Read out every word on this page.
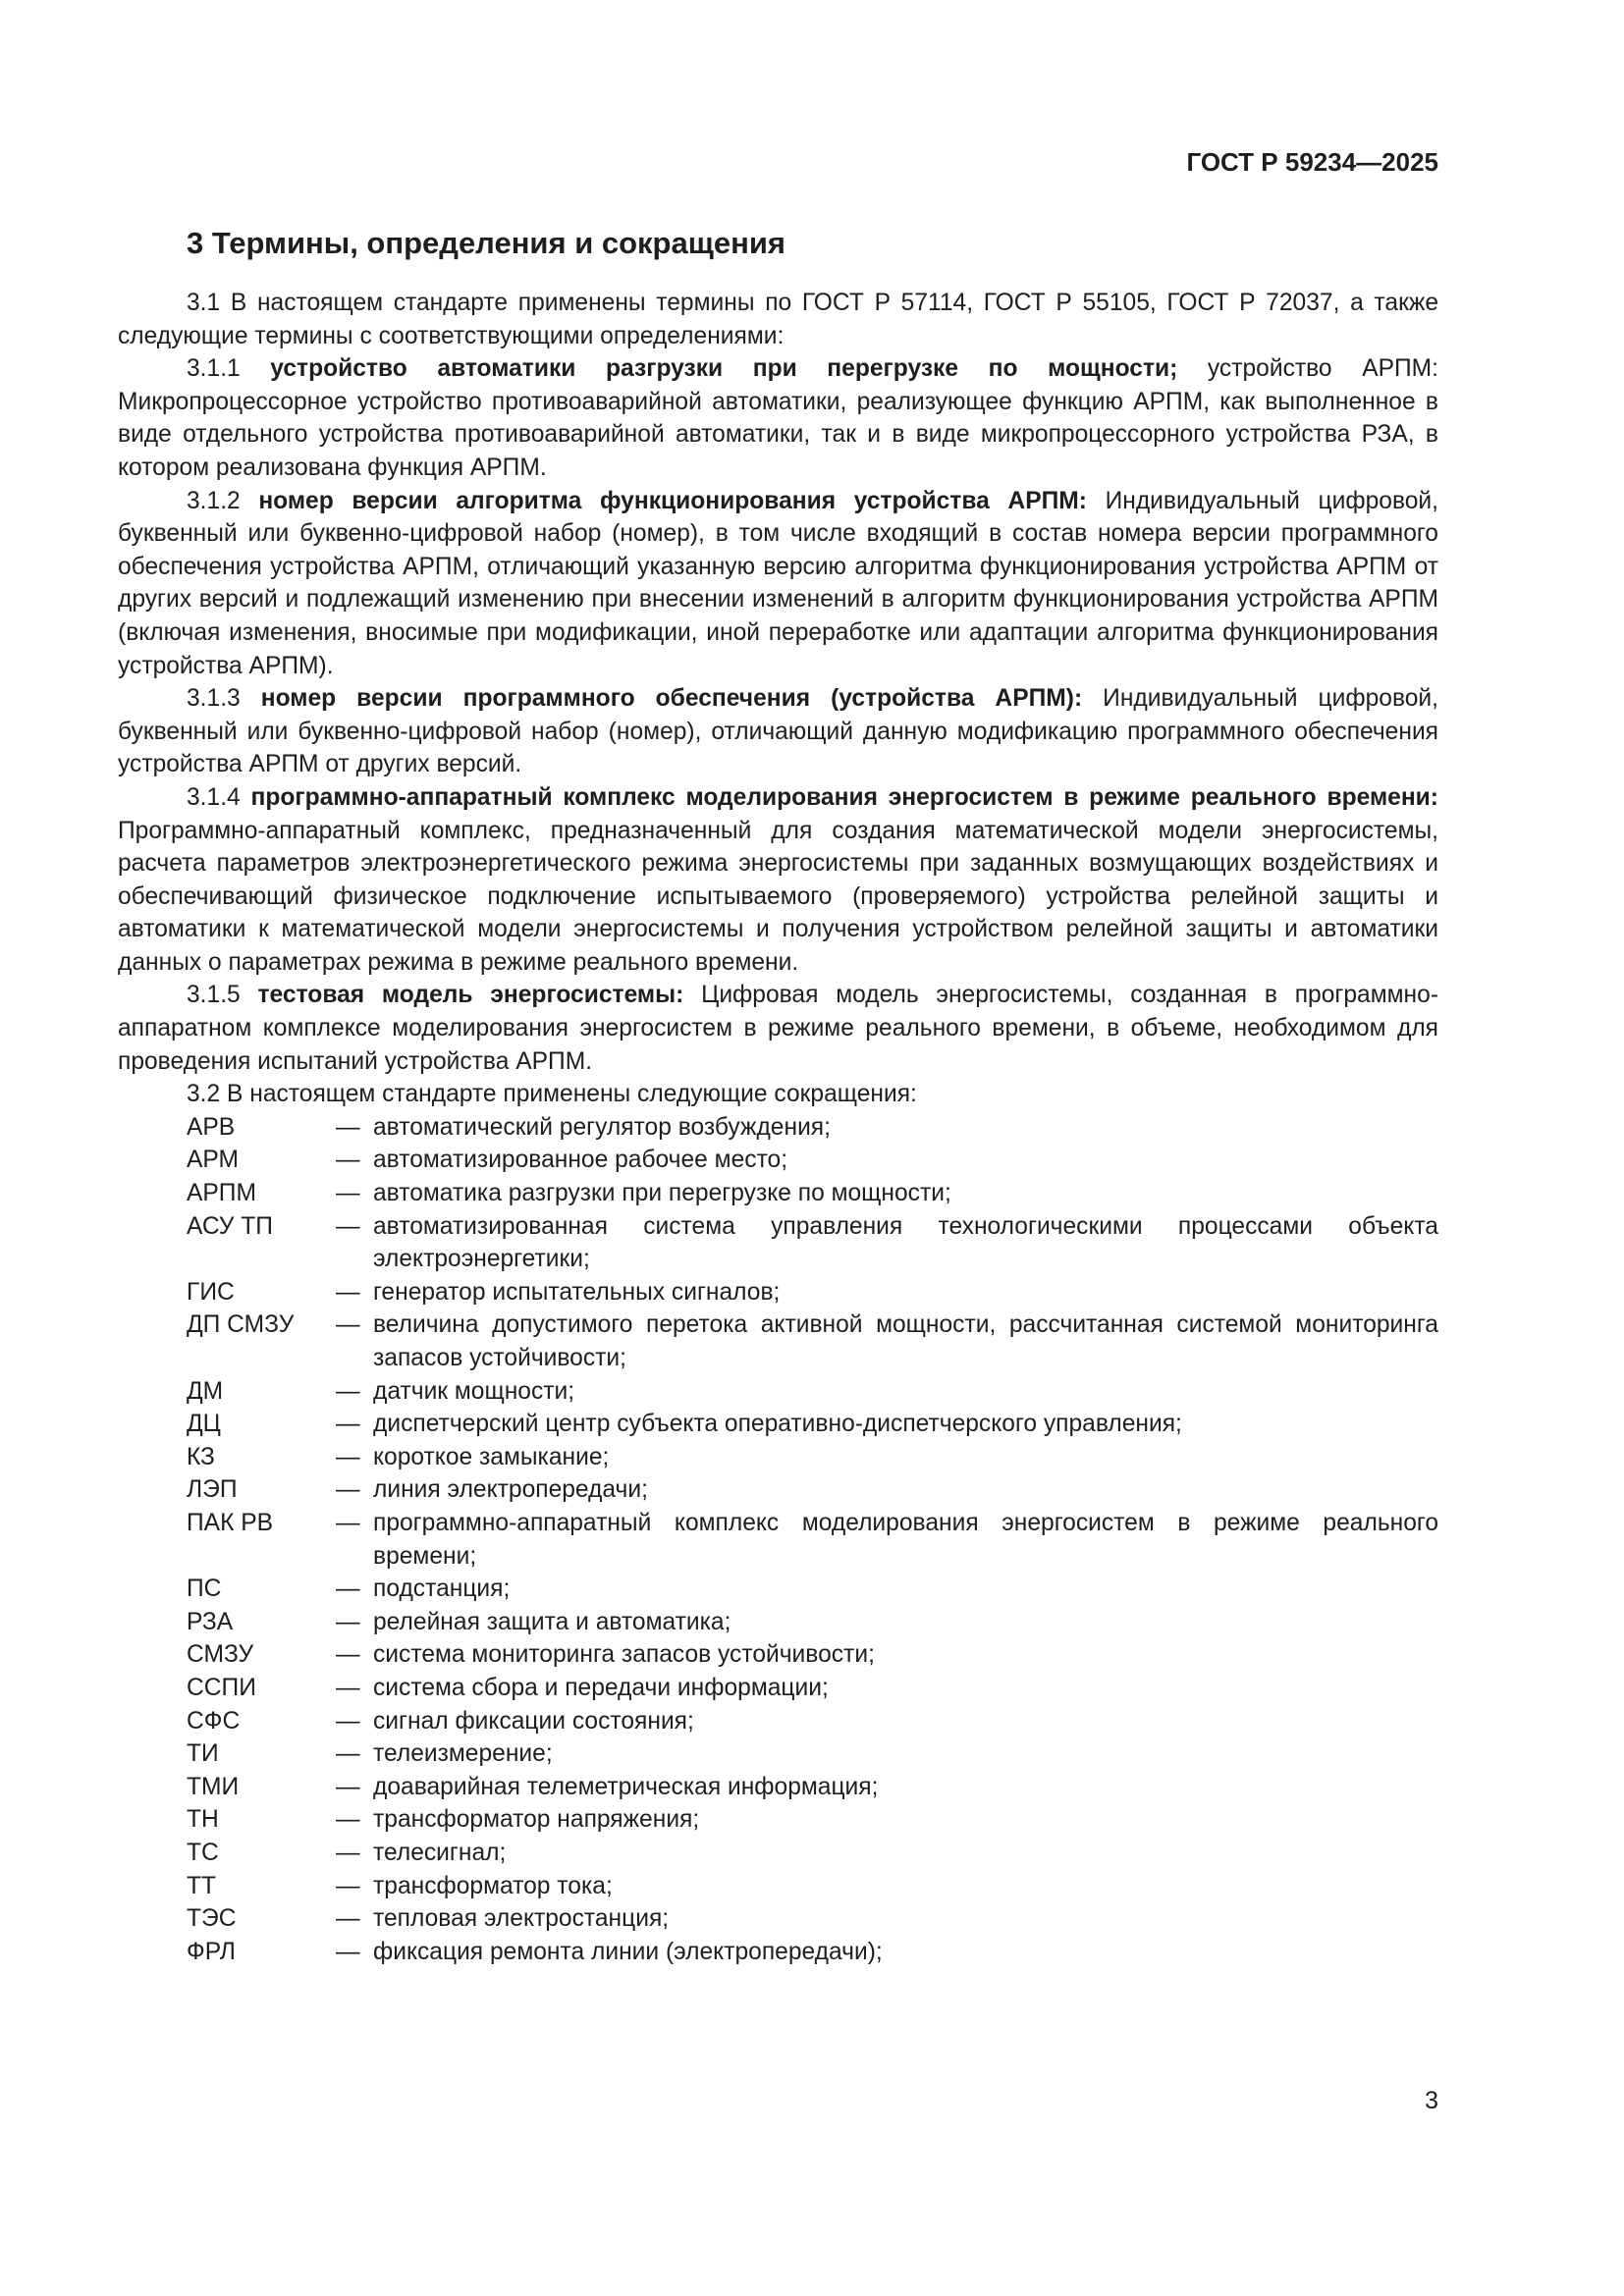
ГОСТ Р 59234—2025
3 Термины, определения и сокращения

3.1 В настоящем стандарте применены термины по ГОСТ Р 57114, ГОСТ Р 55105, ГОСТ Р 72037, а также следующие термины с соответствующими определениями:

3.1.1 устройство автоматики разгрузки при перегрузке по мощности; устройство АРПМ: Микропроцессорное устройство противоаварийной автоматики, реализующее функцию АРПМ, как выполненное в виде отдельного устройства противоаварийной автоматики, так и в виде микропроцессорного устройства РЗА, в котором реализована функция АРПМ.

3.1.2 номер версии алгоритма функционирования устройства АРПМ: Индивидуальный цифровой, буквенный или буквенно-цифровой набор (номер), в том числе входящий в состав номера версии программного обеспечения устройства АРПМ, отличающий указанную версию алгоритма функционирования устройства АРПМ от других версий и подлежащий изменению при внесении изменений в алгоритм функционирования устройства АРПМ (включая изменения, вносимые при модификации, иной переработке или адаптации алгоритма функционирования устройства АРПМ).

3.1.3 номер версии программного обеспечения (устройства АРПМ): Индивидуальный цифровой, буквенный или буквенно-цифровой набор (номер), отличающий данную модификацию программного обеспечения устройства АРПМ от других версий.

3.1.4 программно-аппаратный комплекс моделирования энергосистем в режиме реального времени: Программно-аппаратный комплекс, предназначенный для создания математической модели энергосистемы, расчета параметров электроэнергетического режима энергосистемы при заданных возмущающих воздействиях и обеспечивающий физическое подключение испытываемого (проверяемого) устройства релейной защиты и автоматики к математической модели энергосистемы и получения устройством релейной защиты и автоматики данных о параметрах режима в режиме реального времени.

3.1.5 тестовая модель энергосистемы: Цифровая модель энергосистемы, созданная в программно-аппаратном комплексе моделирования энергосистем в режиме реального времени, в объеме, необходимом для проведения испытаний устройства АРПМ.

3.2 В настоящем стандарте применены следующие сокращения:

АРВ	— автоматический регулятор возбуждения;
АРМ	— автоматизированное рабочее место;
АРПМ	— автоматика разгрузки при перегрузке по мощности;
АСУ ТП	— автоматизированная система управления технологическими процессами объекта электроэнергетики;
ГИС	— генератор испытательных сигналов;
ДП СМЗУ	— величина допустимого перетока активной мощности, рассчитанная системой мониторинга запасов устойчивости;
ДМ	— датчик мощности;
ДЦ	— диспетчерский центр субъекта оперативно-диспетчерского управления;
КЗ	— короткое замыкание;
ЛЭП	— линия электропередачи;
ПАК РВ	— программно-аппаратный комплекс моделирования энергосистем в режиме реального времени;
ПС	— подстанция;
РЗА	— релейная защита и автоматика;
СМЗУ	— система мониторинга запасов устойчивости;
ССПИ	— система сбора и передачи информации;
СФС	— сигнал фиксации состояния;
ТИ	— телеизмерение;
ТМИ	— доаварийная телеметрическая информация;
ТН	— трансформатор напряжения;
ТС	— телесигнал;
ТТ	— трансформатор тока;
ТЭС	— тепловая электростанция;
ФРЛ	— фиксация ремонта линии (электропередачи);
3
